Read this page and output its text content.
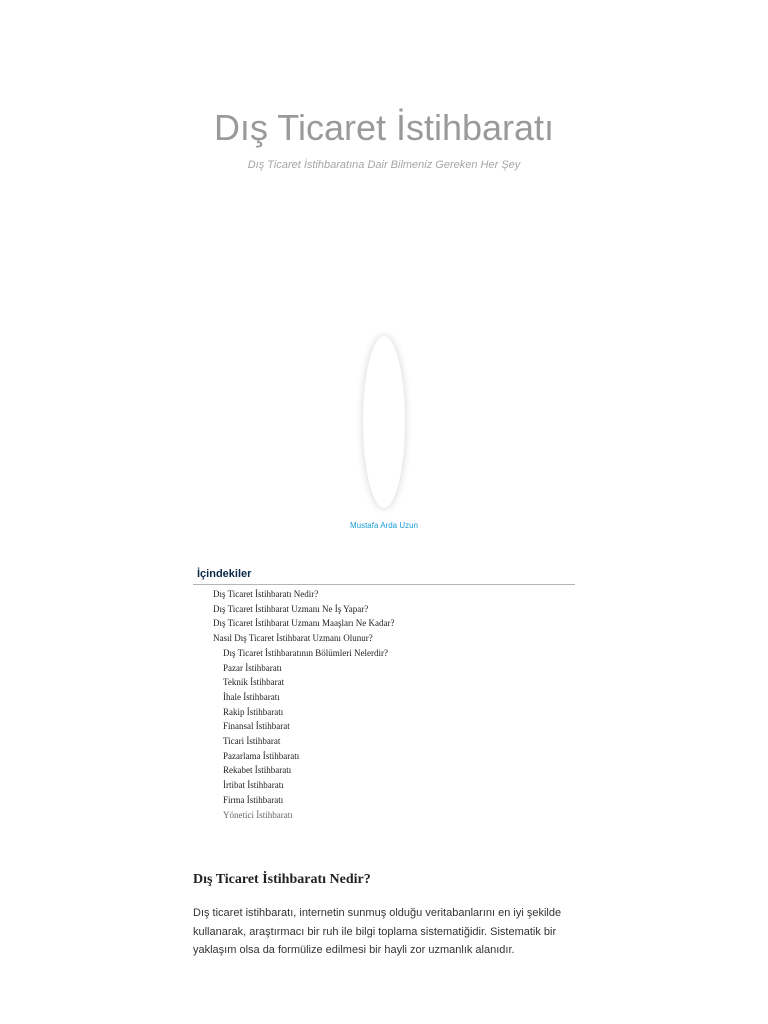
Dış Ticaret İstihbaratı

Dış Ticaret İstihbaratına Dair Bilmeniz Gereken Her Şey

Mustafa Arda Uzun
İçindekiler
Dış Ticaret İstihbaratı Nedir?
Dış Ticaret İstihbarat Uzmanı Ne İş Yapar?
Dış Ticaret İstihbarat Uzmanı Maaşları Ne Kadar?
Nasıl Dış Ticaret İstihbarat Uzmanı Olunur?
Dış Ticaret İstihbaratının Bölümleri Nelerdir?
Pazar İstihbaratı
Teknik İstihbarat
İhale İstihbaratı
Rakip İstihbaratı
Finansal İstihbarat
Ticari İstihbarat
Pazarlama İstihbaratı
Rekabet İstihbaratı
İrtibat İstihbaratı
Firma İstihbaratı
Yönetici İstihbaratı
Dış Ticaret İstihbaratı Nedir?

Dış ticaret istihbaratı, internetin sunmuş olduğu veritabanlarını en iyi şekilde kullanarak, araştırmacı bir ruh ile bilgi toplama sistematiğidir. Sistematik bir yaklaşım olsa da formülize edilmesi bir hayli zor uzmanlık alanıdır.
